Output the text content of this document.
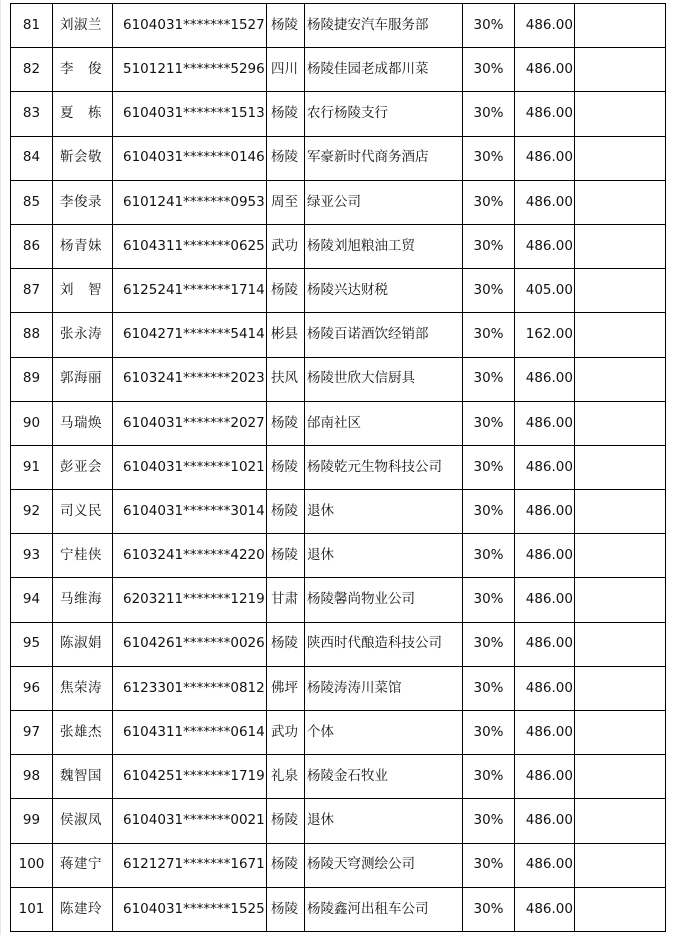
81	刘淑兰	6104031*******1527	杨陵	杨陵捷安汽车服务部	30%	486.00	
82	李　俊	5101211*******5296	四川	杨陵佳园老成都川菜	30%	486.00	
83	夏　栋	6104031*******1513	杨陵	农行杨陵支行	30%	486.00	
84	靳会敬	6104031*******0146	杨陵	军豪新时代商务酒店	30%	486.00	
85	李俊录	6101241*******0953	周至	绿亚公司	30%	486.00	
86	杨青妹	6104311*******0625	武功	杨陵刘旭粮油工贸	30%	486.00	
87	刘　智	6125241*******1714	杨陵	杨陵兴达财税	30%	405.00	
88	张永涛	6104271*******5414	彬县	杨陵百诺酒饮经销部	30%	162.00	
89	郭海丽	6103241*******2023	扶风	杨陵世欣大信厨具	30%	486.00	
90	马瑞焕	6104031*******2027	杨陵	邰南社区	30%	486.00	
91	彭亚会	6104031*******1021	杨陵	杨陵乾元生物科技公司	30%	486.00	
92	司义民	6104031*******3014	杨陵	退休	30%	486.00	
93	宁桂侠	6103241*******4220	杨陵	退休	30%	486.00	
94	马维海	6203211*******1219	甘肃	杨陵馨尚物业公司	30%	486.00	
95	陈淑娟	6104261*******0026	杨陵	陕西时代酿造科技公司	30%	486.00	
96	焦荣涛	6123301*******0812	佛坪	杨陵涛涛川菜馆	30%	486.00	
97	张雄杰	6104311*******0614	武功	个体	30%	486.00	
98	魏智国	6104251*******1719	礼泉	杨陵金石牧业	30%	486.00	
99	侯淑凤	6104031*******0021	杨陵	退休	30%	486.00	
100	蒋建宁	6121271*******1671	杨陵	杨陵天穹测绘公司	30%	486.00	
101	陈建玲	6104031*******1525	杨陵	杨陵鑫河出租车公司	30%	486.00	
